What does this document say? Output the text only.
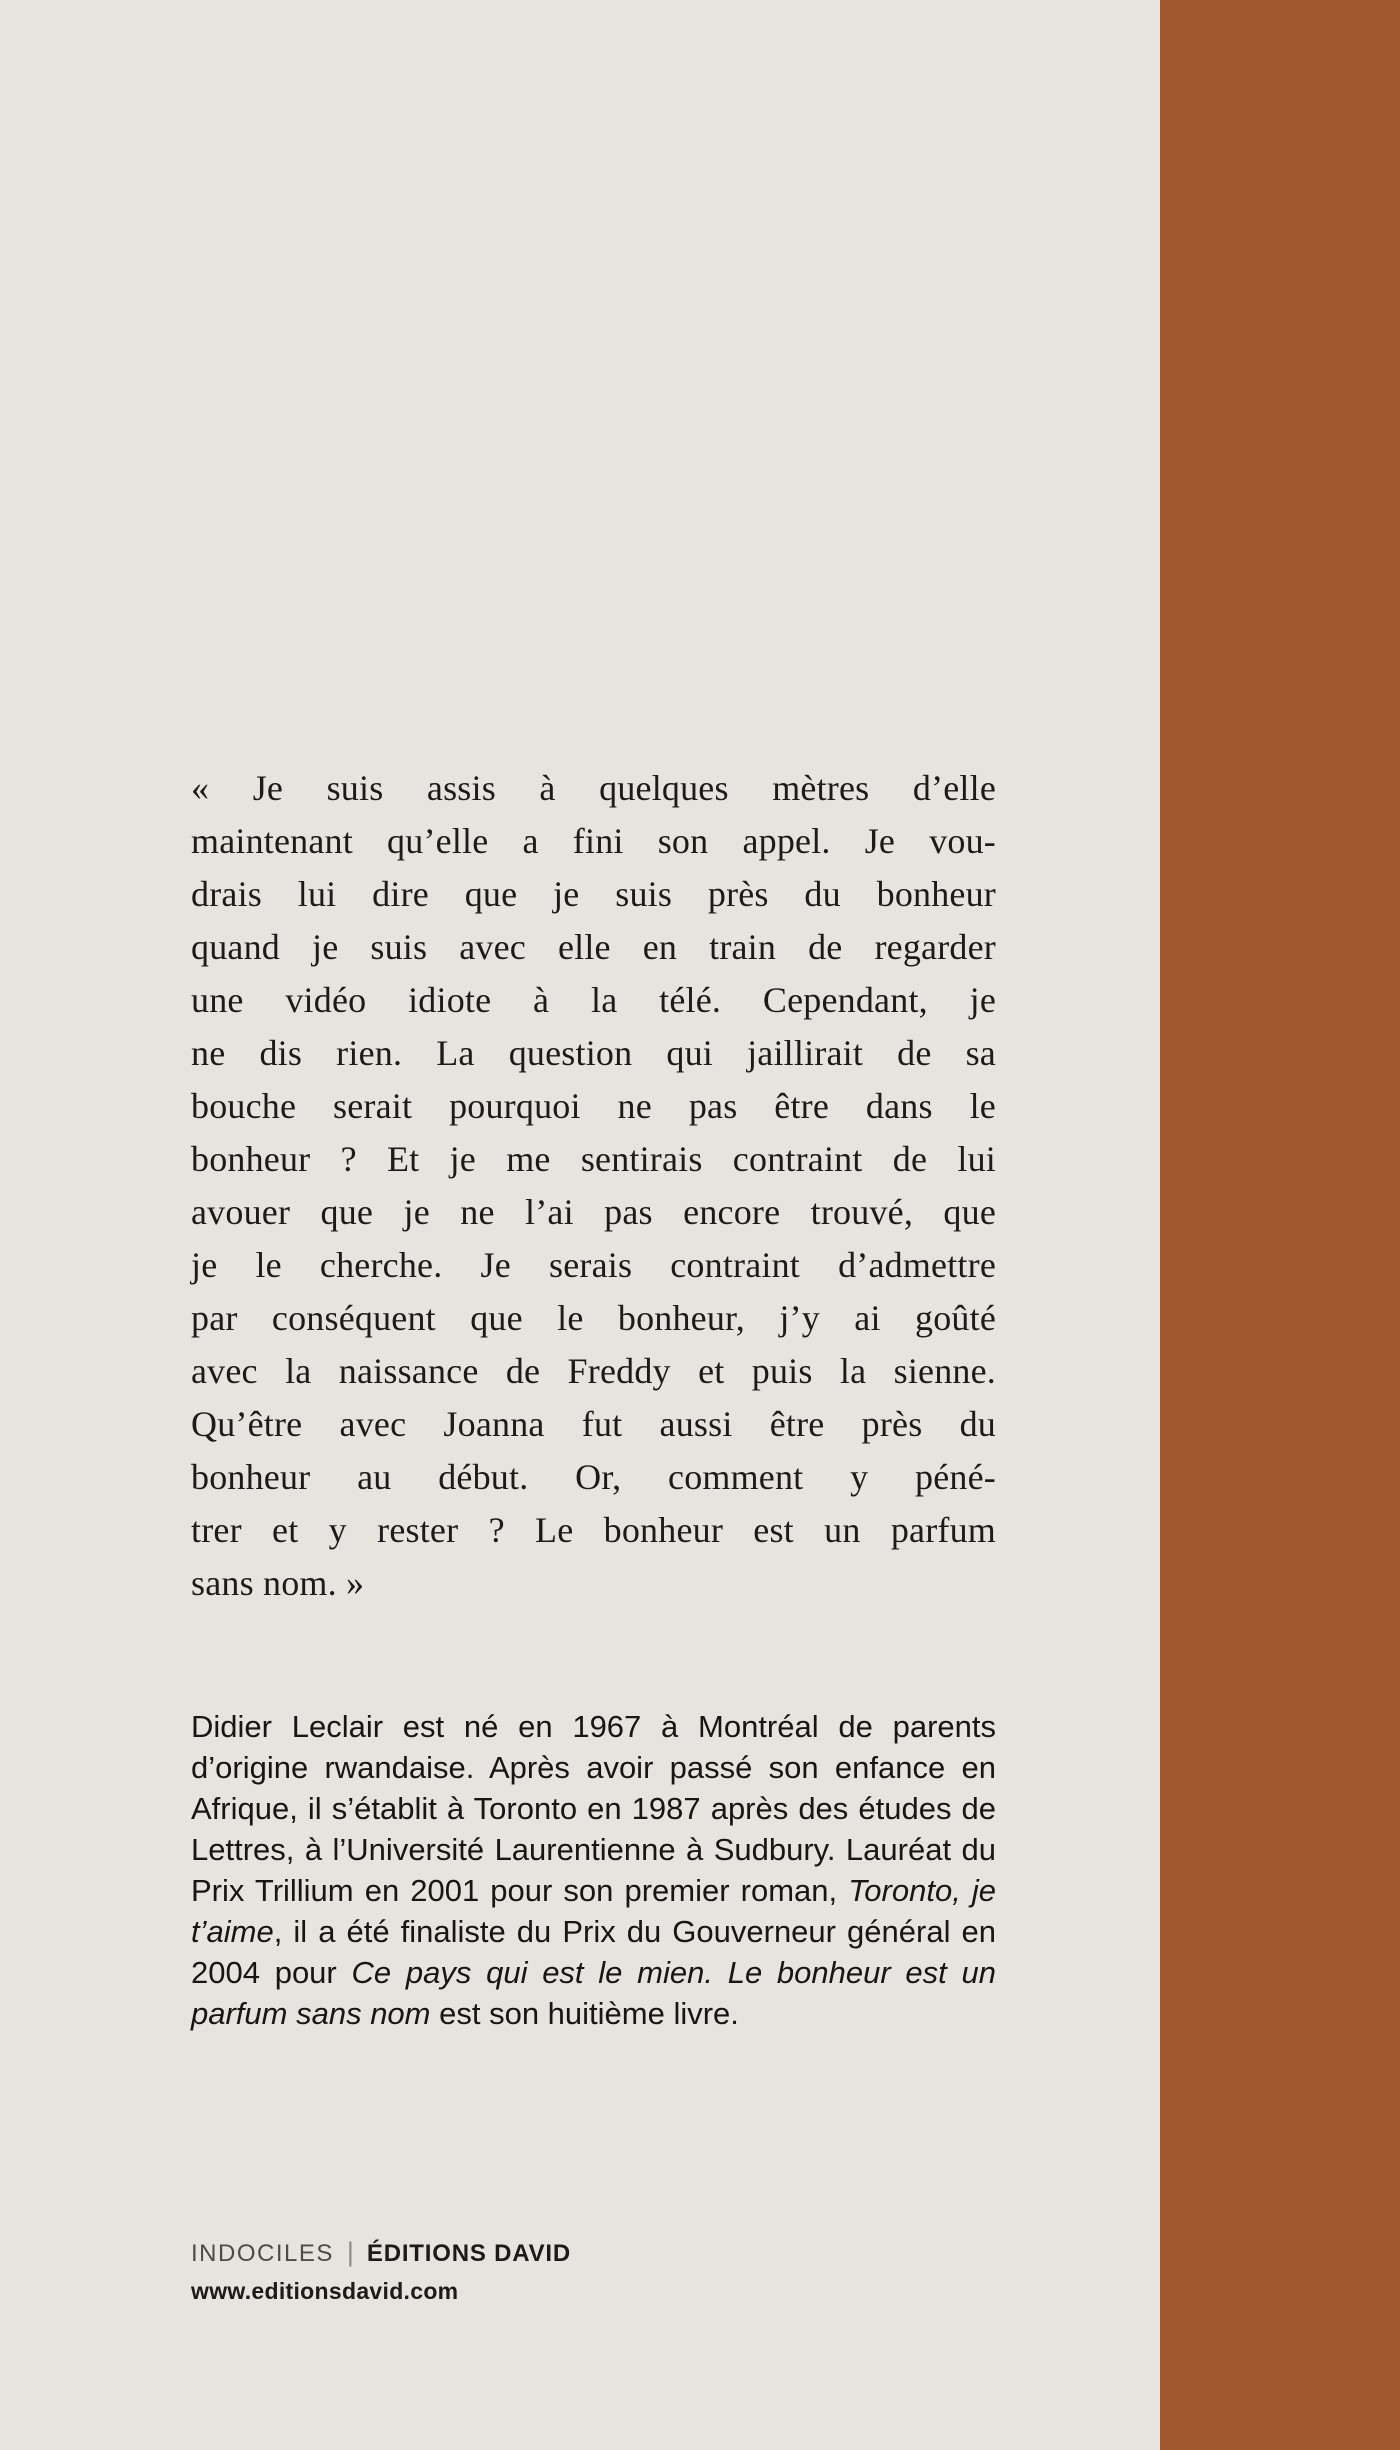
« Je suis assis à quelques mètres d’elle
maintenant qu’elle a fini son appel. Je vou-
drais lui dire que je suis près du bonheur
quand je suis avec elle en train de regarder
une vidéo idiote à la télé. Cependant, je
ne dis rien. La question qui jaillirait de sa
bouche serait pourquoi ne pas être dans le
bonheur ? Et je me sentirais contraint de lui
avouer que je ne l’ai pas encore trouvé, que
je le cherche. Je serais contraint d’admettre
par conséquent que le bonheur, j’y ai goûté
avec la naissance de Freddy et puis la sienne.
Qu’être avec Joanna fut aussi être près du
bonheur au début. Or, comment y péné-
trer et y rester ? Le bonheur est un parfum
sans nom. »

Didier Leclair est né en 1967 à Montréal de parents d’origine rwandaise. Après avoir passé son enfance en Afrique, il s’établit à Toronto en 1987 après des études de Lettres, à l’Université Laurentienne à Sudbury. Lauréat du Prix Trillium en 2001 pour son premier roman, Toronto, je t’aime, il a été finaliste du Prix du Gouverneur général en 2004 pour Ce pays qui est le mien. Le bonheur est un parfum sans nom est son huitième livre.

INDOCILES | ÉDITIONS DAVID
www.editionsdavid.com
